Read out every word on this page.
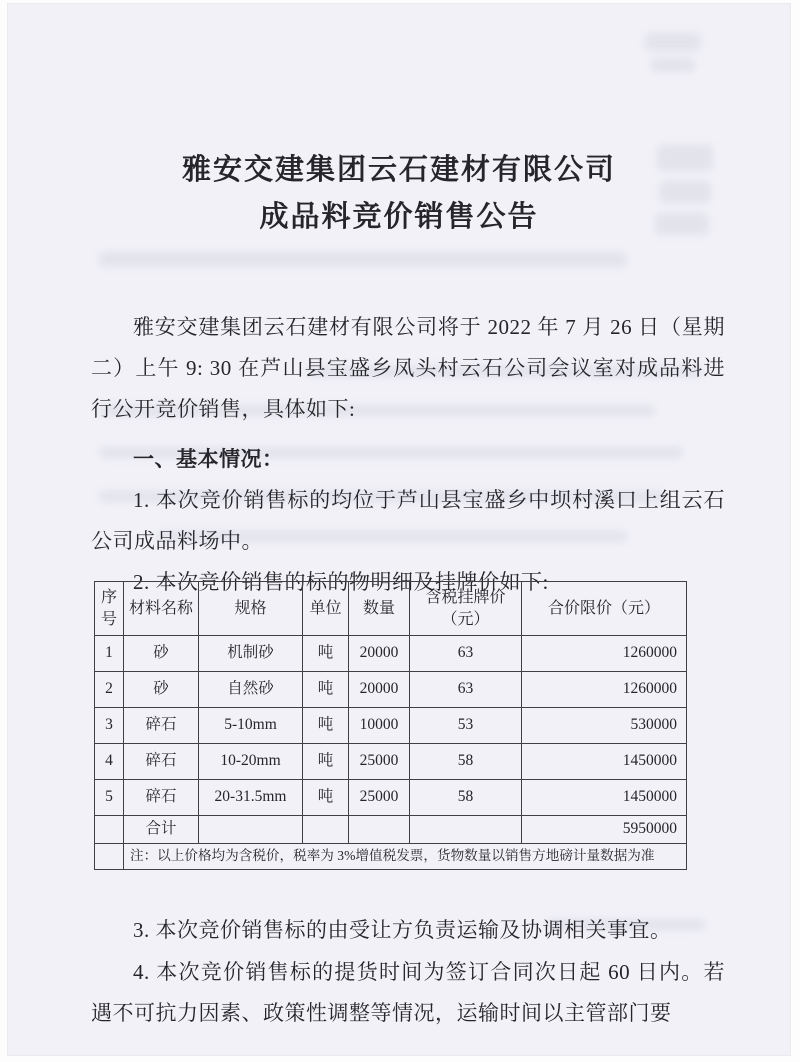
雅安交建集团云石建材有限公司
成品料竞价销售公告

雅安交建集团云石建材有限公司将于 2022 年 7 月 26 日（星期二）上午 9: 30 在芦山县宝盛乡凤头村云石公司会议室对成品料进行公开竞价销售，具体如下:

一、基本情况：

1. 本次竞价销售标的均位于芦山县宝盛乡中坝村溪口上组云石公司成品料场中。

2. 本次竞价销售的标的物明细及挂牌价如下:

序号	材料名称	规格	单位	数量	含税挂牌价 （元）	合价限价（元）
1	砂	机制砂	吨	20000	63	1260000
2	砂	自然砂	吨	20000	63	1260000
3	碎石	5-10mm	吨	10000	53	530000
4	碎石	10-20mm	吨	25000	58	1450000
5	碎石	20-31.5mm	吨	25000	58	1450000
	合计					5950000
	注：以上价格均为含税价，税率为 3%增值税发票，货物数量以销售方地磅计量数据为准					

3. 本次竞价销售标的由受让方负责运输及协调相关事宜。

4. 本次竞价销售标的提货时间为签订合同次日起 60 日内。若遇不可抗力因素、政策性调整等情况，运输时间以主管部门要
